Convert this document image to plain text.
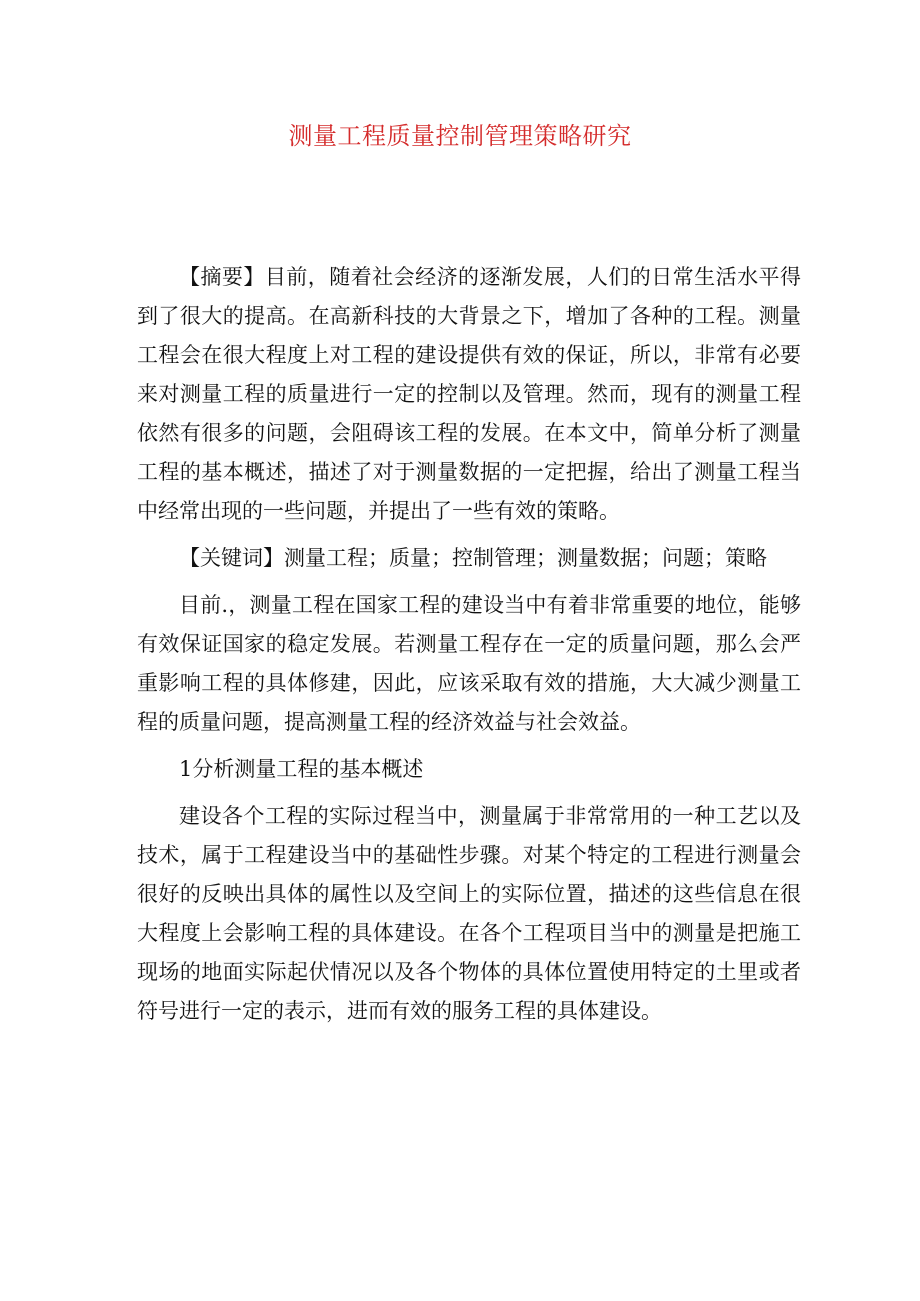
测量工程质量控制管理策略研究

【摘要】目前，随着社会经济的逐渐发展，人们的日常生活水平得到了很大的提高。在高新科技的大背景之下，增加了各种的工程。测量工程会在很大程度上对工程的建设提供有效的保证，所以，非常有必要来对测量工程的质量进行一定的控制以及管理。然而，现有的测量工程依然有很多的问题，会阻碍该工程的发展。在本文中，简单分析了测量工程的基本概述，描述了对于测量数据的一定把握，给出了测量工程当中经常出现的一些问题，并提出了一些有效的策略。

【关键词】测量工程；质量；控制管理；测量数据；问题；策略

目前.，测量工程在国家工程的建设当中有着非常重要的地位，能够有效保证国家的稳定发展。若测量工程存在一定的质量问题，那么会严重影响工程的具体修建，因此，应该采取有效的措施，大大减少测量工程的质量问题，提高测量工程的经济效益与社会效益。

1分析测量工程的基本概述

建设各个工程的实际过程当中，测量属于非常常用的一种工艺以及技术，属于工程建设当中的基础性步骤。对某个特定的工程进行测量会很好的反映出具体的属性以及空间上的实际位置，描述的这些信息在很大程度上会影响工程的具体建设。在各个工程项目当中的测量是把施工现场的地面实际起伏情况以及各个物体的具体位置使用特定的土里或者符号进行一定的表示，进而有效的服务工程的具体建设。
